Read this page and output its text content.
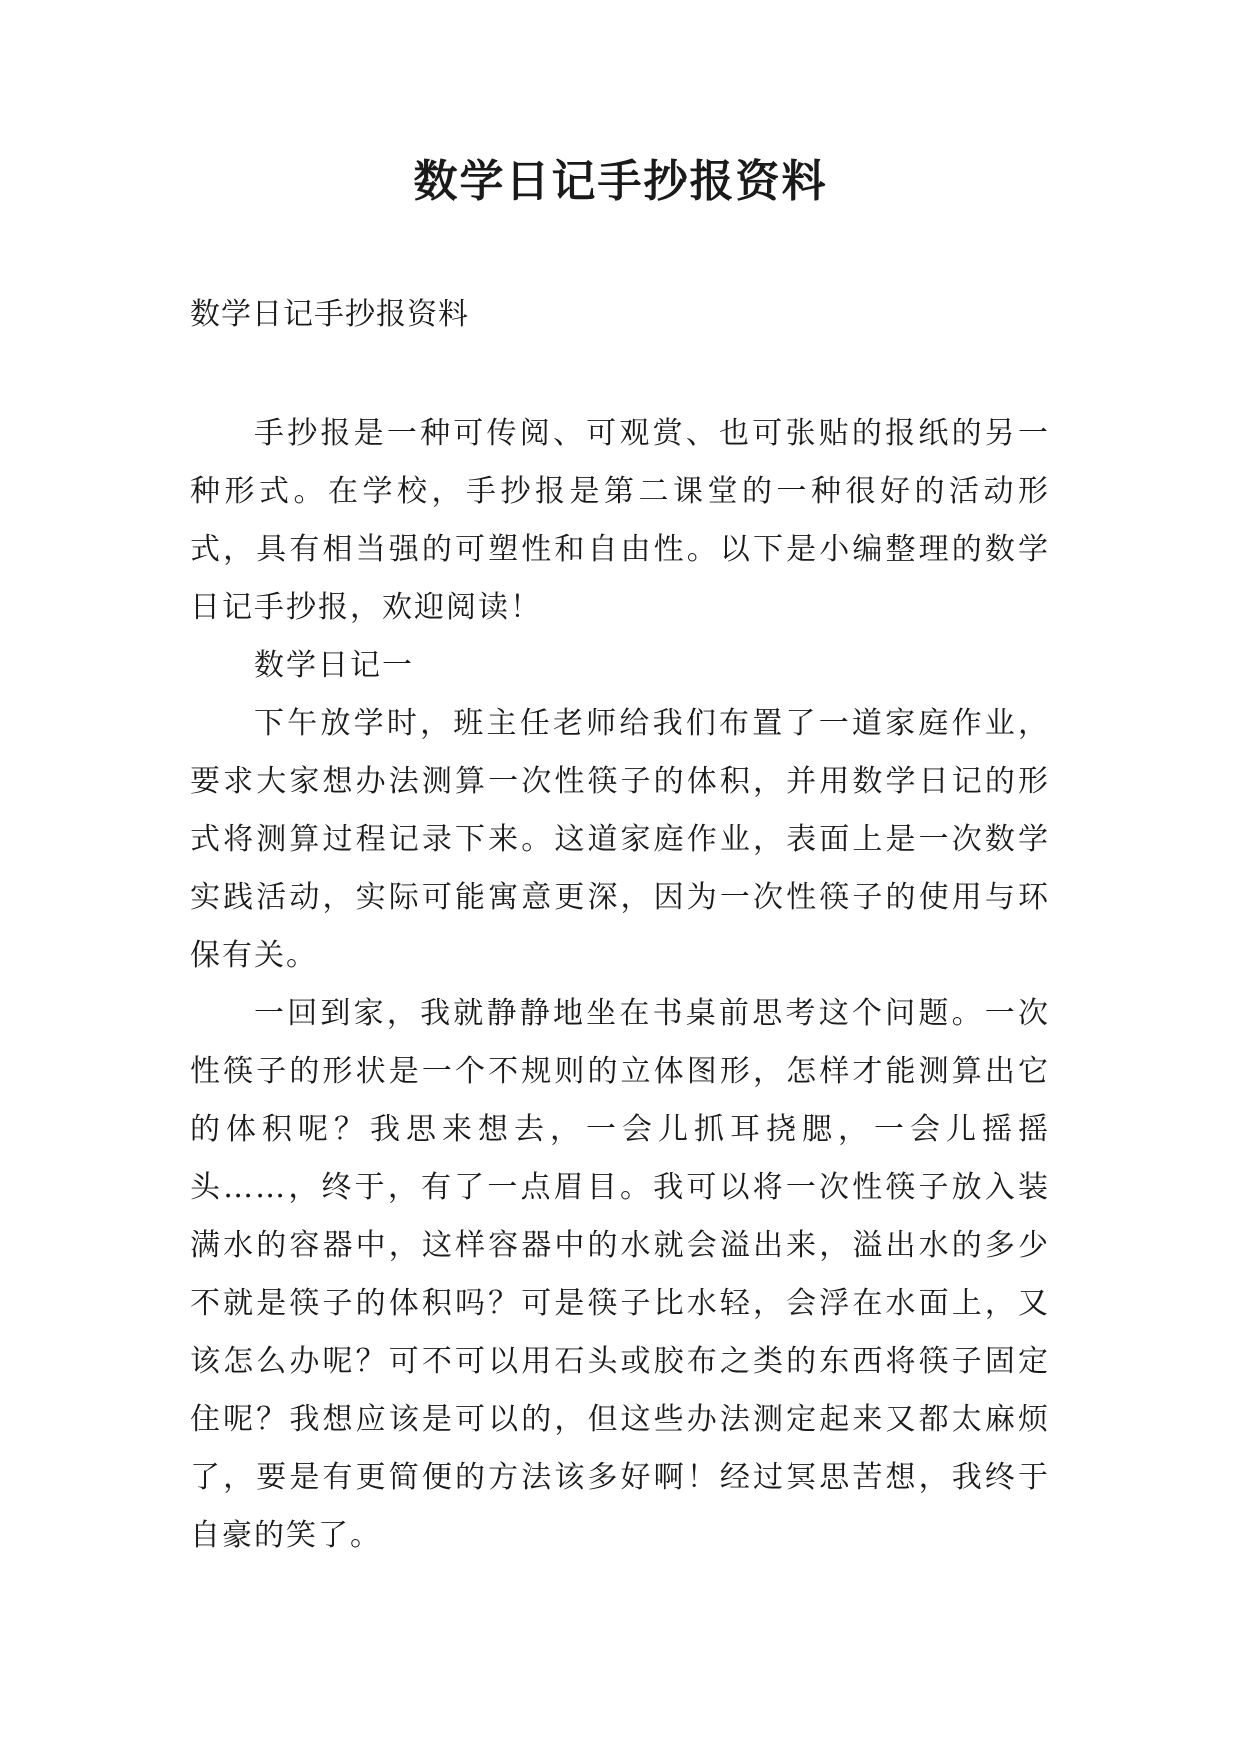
数学日记手抄报资料

数学日记手抄报资料

手抄报是一种可传阅、可观赏、也可张贴的报纸的另一种形式。在学校，手抄报是第二课堂的一种很好的活动形式，具有相当强的可塑性和自由性。以下是小编整理的数学日记手抄报，欢迎阅读！

数学日记一

下午放学时，班主任老师给我们布置了一道家庭作业，要求大家想办法测算一次性筷子的体积，并用数学日记的形式将测算过程记录下来。这道家庭作业，表面上是一次数学实践活动，实际可能寓意更深，因为一次性筷子的使用与环保有关。

一回到家，我就静静地坐在书桌前思考这个问题。一次性筷子的形状是一个不规则的立体图形，怎样才能测算出它的体积呢？我思来想去，一会儿抓耳挠腮，一会儿摇摇头……，终于，有了一点眉目。我可以将一次性筷子放入装满水的容器中，这样容器中的水就会溢出来，溢出水的多少不就是筷子的体积吗？可是筷子比水轻，会浮在水面上，又该怎么办呢？可不可以用石头或胶布之类的东西将筷子固定住呢？我想应该是可以的，但这些办法测定起来又都太麻烦了，要是有更简便的方法该多好啊！经过冥思苦想，我终于自豪的笑了。
